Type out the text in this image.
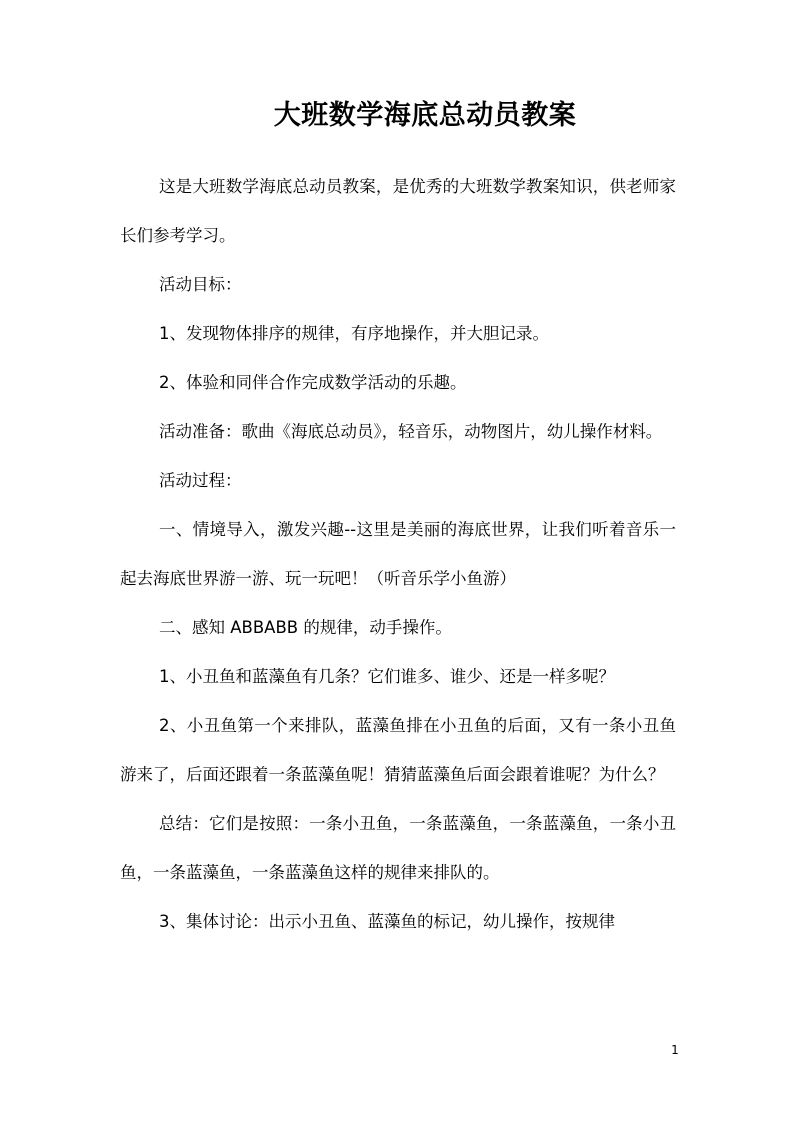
大班数学海底总动员教案

这是大班数学海底总动员教案，是优秀的大班数学教案知识，供老师家长们参考学习。

活动目标：

1、发现物体排序的规律，有序地操作，并大胆记录。

2、体验和同伴合作完成数学活动的乐趣。

活动准备：歌曲《海底总动员》，轻音乐，动物图片，幼儿操作材料。

活动过程：

一、情境导入，激发兴趣--这里是美丽的海底世界，让我们听着音乐一起去海底世界游一游、玩一玩吧！（听音乐学小鱼游）

二、感知 ABBABB 的规律，动手操作。

1、小丑鱼和蓝藻鱼有几条？它们谁多、谁少、还是一样多呢？

2、小丑鱼第一个来排队，蓝藻鱼排在小丑鱼的后面，又有一条小丑鱼游来了，后面还跟着一条蓝藻鱼呢！猜猜蓝藻鱼后面会跟着谁呢？为什么？

总结：它们是按照：一条小丑鱼，一条蓝藻鱼，一条蓝藻鱼，一条小丑鱼，一条蓝藻鱼，一条蓝藻鱼这样的规律来排队的。

3、集体讨论：出示小丑鱼、蓝藻鱼的标记，幼儿操作，按规律

1
